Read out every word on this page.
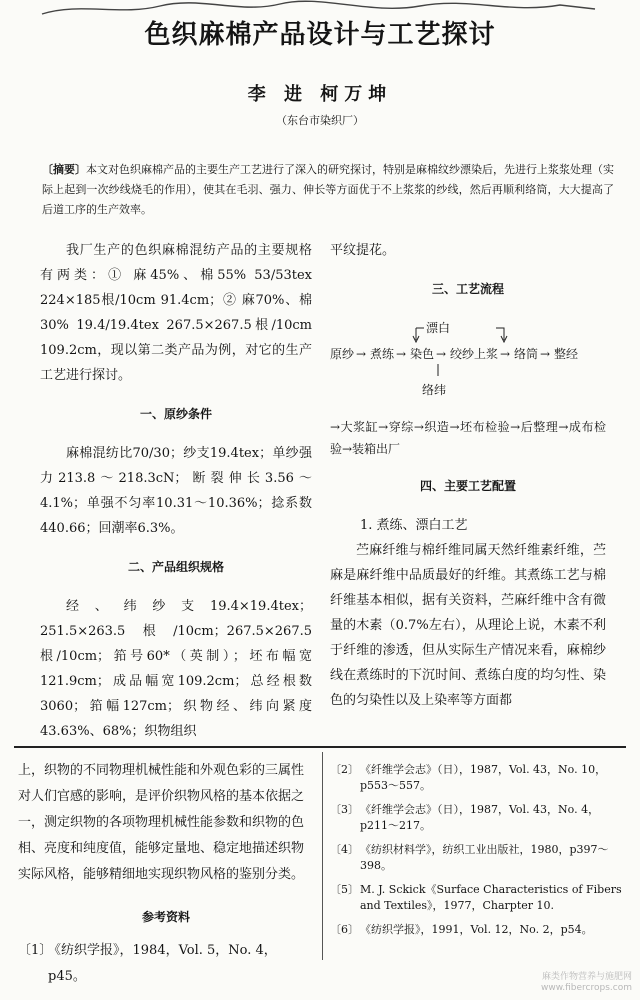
色织麻棉产品设计与工艺探讨
李 进 柯万坤
（东台市染织厂）
〔摘要〕本文对色织麻棉产品的主要生产工艺进行了深入的研究探讨，特别是麻棉纹纱漂染后，先进行上浆浆处理（实际上起到一次纱线烧毛的作用），使其在毛羽、强力、伸长等方面优于不上浆浆的纱线，然后再顺利络筒，大大提高了后道工序的生产效率。

我厂生产的色织麻棉混纺产品的主要规格有两类：① 麻45%、棉55% 53/53tex 224×185根/10cm 91.4cm；② 麻70%、棉30% 19.4/19.4tex 267.5×267.5根/10cm 109.2cm，现以第二类产品为例，对它的生产工艺进行探讨。

一、原纱条件

麻棉混纺比70/30；纱支19.4tex；单纱强力213.8～218.3cN；断裂伸长3.56～4.1%；单强不匀率10.31～10.36%；捻系数440.66；回潮率6.3%。

二、产品组织规格

经、纬纱支19.4×19.4tex；251.5×263.5根/10cm；267.5×267.5根/10cm；筘号60*（英制）；坯布幅宽121.9cm；成品幅宽109.2cm；总经根数3060；筘幅127cm；织物经、纬向紧度43.63%、68%；织物组织

平纹提花。

三、工艺流程
漂白
原纱 → 煮练 → 染色 → 绞纱上浆 → 络筒 → 整经
络纬
→大浆缸→穿综→织造→坯布检验→后整理→成布检验→装箱出厂
四、主要工艺配置

1. 煮练、漂白工艺

苎麻纤维与棉纤维同属天然纤维素纤维，苎麻是麻纤维中品质最好的纤维。其煮练工艺与棉纤维基本相似，据有关资料，苎麻纤维中含有微量的木素（0.7%左右），从理论上说，木素不利于纤维的渗透，但从实际生产情况来看，麻棉纱线在煮练时的下沉时间、煮练白度的均匀性、染色的匀染性以及上染率等方面都

上，织物的不同物理机械性能和外观色彩的三属性对人们官感的影响，是评价织物风格的基本依据之一，测定织物的各项物理机械性能参数和织物的色相、亮度和纯度值，能够定量地、稳定地描述织物实际风格，能够精细地实现织物风格的鉴别分类。

参考资料
〔1〕
《纺织学报》，1984，Vol. 5，No. 4，p45。
〔2〕 《纤维学会志》（日），1987，Vol. 43，No. 10，p553～557。
〔3〕 《纤维学会志》（日），1987，Vol. 43，No. 4，p211～217。
〔4〕 《纺织材料学》，纺织工业出版社，1980，p397～398。
〔5〕 M. J. Sckick《Surface Characteristics of Fibers and Textiles》，1977，Charpter 10.
〔6〕 《纺织学报》，1991，Vol. 12，No. 2，p54。
麻类作物营养与施肥网
www.fibercrops.com
